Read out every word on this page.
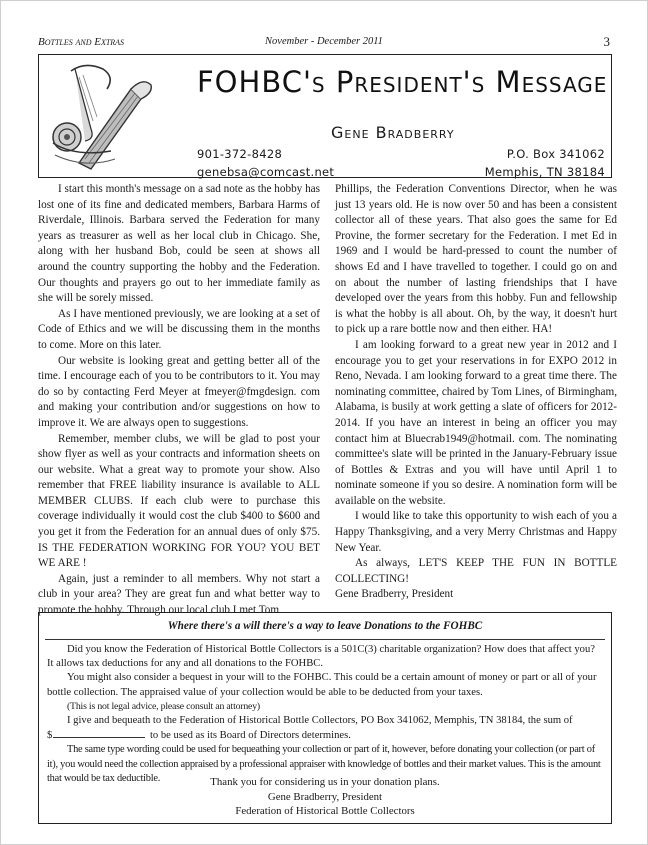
Bottles and Extras	November - December 2011	3
FOHBC's President's Message
Gene Bradberry
901-372-8428
genebsa@comcast.net
P.O. Box 341062
Memphis, TN 38184

I start this month's message on a sad note as the hobby has lost one of its fine and dedicated members, Barbara Harms of Riverdale, Illinois. Barbara served the Federation for many years as treasurer as well as her local club in Chicago. She, along with her husband Bob, could be seen at shows all around the country supporting the hobby and the Federation. Our thoughts and prayers go out to her immediate family as she will be sorely missed.

As I have mentioned previously, we are looking at a set of Code of Ethics and we will be discussing them in the months to come. More on this later.

Our website is looking great and getting better all of the time. I encourage each of you to be contributors to it. You may do so by contacting Ferd Meyer at fmeyer@fmgdesign. com and making your contribution and/or suggestions on how to improve it. We are always open to suggestions.

Remember, member clubs, we will be glad to post your show flyer as well as your contracts and information sheets on our website. What a great way to promote your show. Also remember that FREE liability insurance is available to ALL MEMBER CLUBS. If each club were to purchase this coverage individually it would cost the club $400 to $600 and you get it from the Federation for an annual dues of only $75. IS THE FEDERATION WORKING FOR YOU? YOU BET WE ARE !

Again, just a reminder to all members. Why not start a club in your area? They are great fun and what better way to promote the hobby. Through our local club I met Tom

Phillips, the Federation Conventions Director, when he was just 13 years old. He is now over 50 and has been a consistent collector all of these years. That also goes the same for Ed Provine, the former secretary for the Federation. I met Ed in 1969 and I would be hard-pressed to count the number of shows Ed and I have travelled to together. I could go on and on about the number of lasting friendships that I have developed over the years from this hobby. Fun and fellowship is what the hobby is all about. Oh, by the way, it doesn't hurt to pick up a rare bottle now and then either. HA!

I am looking forward to a great new year in 2012 and I encourage you to get your reservations in for EXPO 2012 in Reno, Nevada. I am looking forward to a great time there. The nominating committee, chaired by Tom Lines, of Birmingham, Alabama, is busily at work getting a slate of officers for 2012-2014. If you have an interest in being an officer you may contact him at Bluecrab1949@hotmail. com. The nominating committee's slate will be printed in the January-February issue of Bottles & Extras and you will have until April 1 to nominate someone if you so desire. A nomination form will be available on the website.

I would like to take this opportunity to wish each of you a Happy Thanksgiving, and a very Merry Christmas and Happy New Year.

As always, LET'S KEEP THE FUN IN BOTTLE COLLECTING!

Gene Bradberry, President

Where there's a will there's a way to leave Donations to the FOHBC

Did you know the Federation of Historical Bottle Collectors is a 501C(3) charitable organization? How does that affect you? It allows tax deductions for any and all donations to the FOHBC.

You might also consider a bequest in your will to the FOHBC. This could be a certain amount of money or part or all of your bottle collection. The appraised value of your collection would be able to be deducted from your taxes.

(This is not legal advice, please consult an attorney)

I give and bequeath to the Federation of Historical Bottle Collectors, PO Box 341062, Memphis, TN 38184, the sum of
$	to be used as its Board of Directors determines.

The same type wording could be used for bequeathing your collection or part of it, however, before donating your collection (or part of it), you would need the collection appraised by a professional appraiser with knowledge of bottles and their market values. This is the amount that would be tax deductible.	Thank you for considering us in your donation plans.
Gene Bradberry, President
Federation of Historical Bottle Collectors
